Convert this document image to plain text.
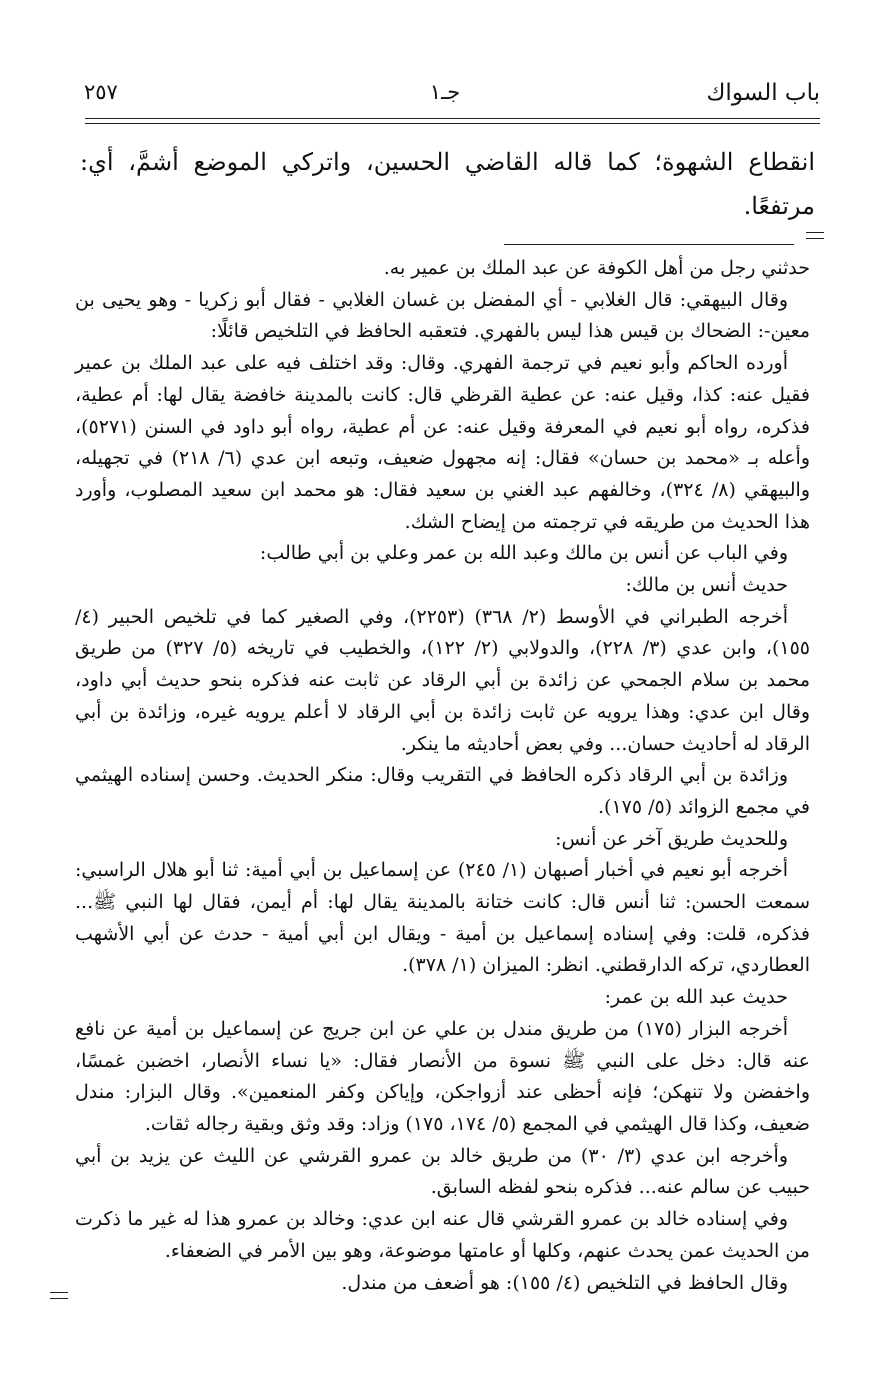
باب السواك
جـ١
٢٥٧
انقطاع الشهوة؛ كما قاله القاضي الحسين، واتركي الموضع أشمَّ، أي: مرتفعًا.

حدثني رجل من أهل الكوفة عن عبد الملك بن عمير به.

وقال البيهقي: قال الغلابي - أي المفضل بن غسان الغلابي - فقال أبو زكريا - وهو يحيى بن معين-: الضحاك بن قيس هذا ليس بالفهري. فتعقبه الحافظ في التلخيص قائلًا:

أورده الحاكم وأبو نعيم في ترجمة الفهري. وقال: وقد اختلف فيه على عبد الملك بن عمير فقيل عنه: كذا، وقيل عنه: عن عطية القرظي قال: كانت بالمدينة خافضة يقال لها: أم عطية، فذكره، رواه أبو نعيم في المعرفة وقيل عنه: عن أم عطية، رواه أبو داود في السنن (٥٢٧١)، وأعله بـ «محمد بن حسان» فقال: إنه مجهول ضعيف، وتبعه ابن عدي (٦/ ٢١٨) في تجهيله، والبيهقي (٨/ ٣٢٤)، وخالفهم عبد الغني بن سعيد فقال: هو محمد ابن سعيد المصلوب، وأورد هذا الحديث من طريقه في ترجمته من إيضاح الشك.

وفي الباب عن أنس بن مالك وعبد الله بن عمر وعلي بن أبي طالب:

حديث أنس بن مالك:

أخرجه الطبراني في الأوسط (٢/ ٣٦٨) (٢٢٥٣)، وفي الصغير كما في تلخيص الحبير (٤/ ١٥٥)، وابن عدي (٣/ ٢٢٨)، والدولابي (٢/ ١٢٢)، والخطيب في تاريخه (٥/ ٣٢٧) من طريق محمد بن سلام الجمحي عن زائدة بن أبي الرقاد عن ثابت عنه فذكره بنحو حديث أبي داود، وقال ابن عدي: وهذا يرويه عن ثابت زائدة بن أبي الرقاد لا أعلم يرويه غيره، وزائدة بن أبي الرقاد له أحاديث حسان... وفي بعض أحاديثه ما ينكر.

وزائدة بن أبي الرقاد ذكره الحافظ في التقريب وقال: منكر الحديث. وحسن إسناده الهيثمي في مجمع الزوائد (٥/ ١٧٥).

وللحديث طريق آخر عن أنس:

أخرجه أبو نعيم في أخبار أصبهان (١/ ٢٤٥) عن إسماعيل بن أبي أمية: ثنا أبو هلال الراسبي: سمعت الحسن: ثنا أنس قال: كانت ختانة بالمدينة يقال لها: أم أيمن، فقال لها النبي ﷺ... فذكره، قلت: وفي إسناده إسماعيل بن أمية - ويقال ابن أبي أمية - حدث عن أبي الأشهب العطاردي، تركه الدارقطني. انظر: الميزان (١/ ٣٧٨).

حديث عبد الله بن عمر:

أخرجه البزار (١٧٥) من طريق مندل بن علي عن ابن جريج عن إسماعيل بن أمية عن نافع عنه قال: دخل على النبي ﷺ نسوة من الأنصار فقال: «يا نساء الأنصار، اخضبن غمسًا، واخفضن ولا تنهكن؛ فإنه أحظى عند أزواجكن، وإياكن وكفر المنعمين». وقال البزار: مندل ضعيف، وكذا قال الهيثمي في المجمع (٥/ ١٧٤، ١٧٥) وزاد: وقد وثق وبقية رجاله ثقات.

وأخرجه ابن عدي (٣/ ٣٠) من طريق خالد بن عمرو القرشي عن الليث عن يزيد بن أبي حبيب عن سالم عنه... فذكره بنحو لفظه السابق.

وفي إسناده خالد بن عمرو القرشي قال عنه ابن عدي: وخالد بن عمرو هذا له غير ما ذكرت من الحديث عمن يحدث عنهم، وكلها أو عامتها موضوعة، وهو بين الأمر في الضعفاء.

وقال الحافظ في التلخيص (٤/ ١٥٥): هو أضعف من مندل.
